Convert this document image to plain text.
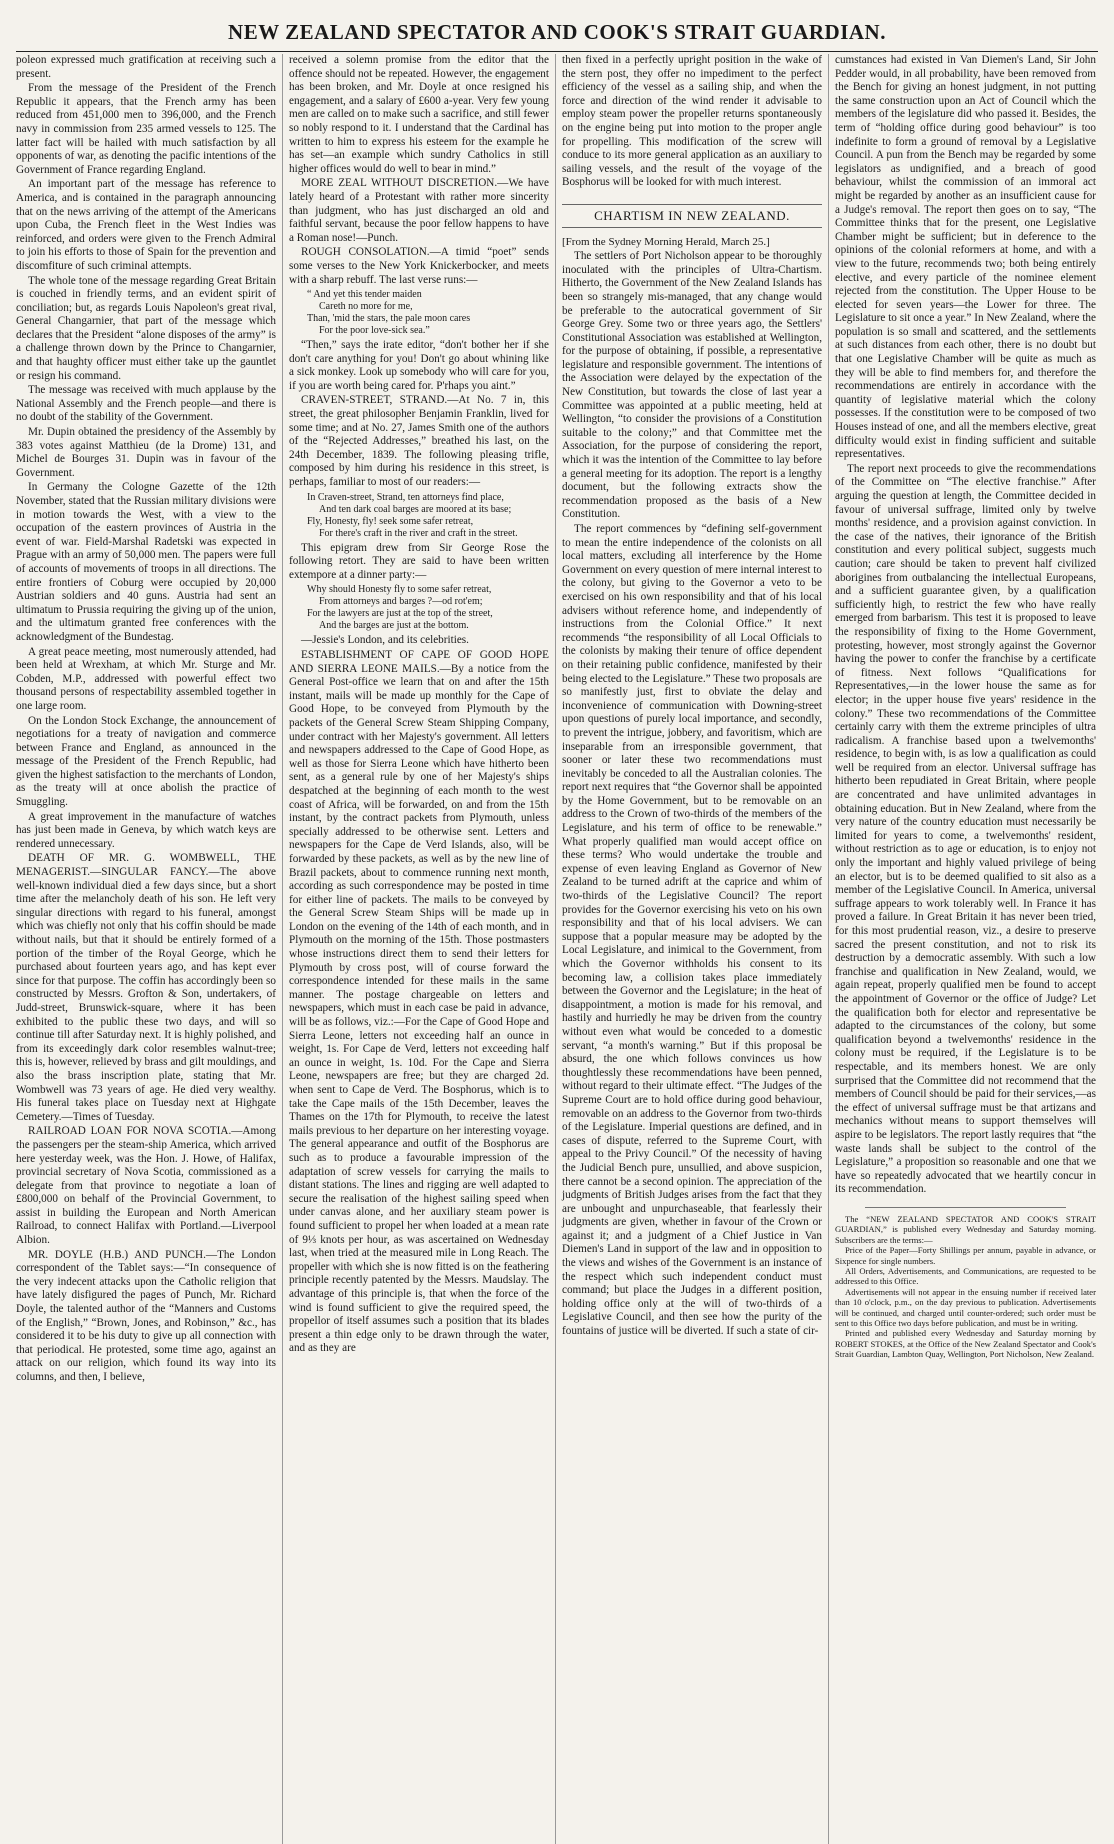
NEW ZEALAND SPECTATOR AND COOK'S STRAIT GUARDIAN.

poleon expressed much gratification at receiving such a present.

From the message of the President of the French Republic it appears, that the French army has been reduced from 451,000 men to 396,000, and the French navy in commission from 235 armed vessels to 125. The latter fact will be hailed with much satisfaction by all opponents of war, as denoting the pacific intentions of the Government of France regarding England.

An important part of the message has reference to America, and is contained in the paragraph announcing that on the news arriving of the attempt of the Americans upon Cuba, the French fleet in the West Indies was reinforced, and orders were given to the French Admiral to join his efforts to those of Spain for the prevention and discomfiture of such criminal attempts.

The whole tone of the message regarding Great Britain is couched in friendly terms, and an evident spirit of conciliation; but, as regards Louis Napoleon's great rival, General Changarnier, that part of the message which declares that the President “alone disposes of the army” is a challenge thrown down by the Prince to Changarnier, and that haughty officer must either take up the gauntlet or resign his command.

The message was received with much applause by the National Assembly and the French people—and there is no doubt of the stability of the Government.

Mr. Dupin obtained the presidency of the Assembly by 383 votes against Matthieu (de la Drome) 131, and Michel de Bourges 31. Dupin was in favour of the Government.

In Germany the Cologne Gazette of the 12th November, stated that the Russian military divisions were in motion towards the West, with a view to the occupation of the eastern provinces of Austria in the event of war. Field-Marshal Radetski was expected in Prague with an army of 50,000 men. The papers were full of accounts of movements of troops in all directions. The entire frontiers of Coburg were occupied by 20,000 Austrian soldiers and 40 guns. Austria had sent an ultimatum to Prussia requiring the giving up of the union, and the ultimatum granted free conferences with the acknowledgment of the Bundestag.

A great peace meeting, most numerously attended, had been held at Wrexham, at which Mr. Sturge and Mr. Cobden, M.P., addressed with powerful effect two thousand persons of respectability assembled together in one large room.

On the London Stock Exchange, the announcement of negotiations for a treaty of navigation and commerce between France and England, as announced in the message of the President of the French Republic, had given the highest satisfaction to the merchants of London, as the treaty will at once abolish the practice of Smuggling.

A great improvement in the manufacture of watches has just been made in Geneva, by which watch keys are rendered unnecessary.

DEATH OF MR. G. WOMBWELL, THE MENAGERIST.—SINGULAR FANCY.—The above well-known individual died a few days since, but a short time after the melancholy death of his son. He left very singular directions with regard to his funeral, amongst which was chiefly not only that his coffin should be made without nails, but that it should be entirely formed of a portion of the timber of the Royal George, which he purchased about fourteen years ago, and has kept ever since for that purpose. The coffin has accordingly been so constructed by Messrs. Grofton & Son, undertakers, of Judd-street, Brunswick-square, where it has been exhibited to the public these two days, and will so continue till after Saturday next. It is highly polished, and from its exceedingly dark color resembles walnut-tree; this is, however, relieved by brass and gilt mouldings, and also the brass inscription plate, stating that Mr. Wombwell was 73 years of age. He died very wealthy. His funeral takes place on Tuesday next at Highgate Cemetery.—Times of Tuesday.

RAILROAD LOAN FOR NOVA SCOTIA.—Among the passengers per the steam-ship America, which arrived here yesterday week, was the Hon. J. Howe, of Halifax, provincial secretary of Nova Scotia, commissioned as a delegate from that province to negotiate a loan of £800,000 on behalf of the Provincial Government, to assist in building the European and North American Railroad, to connect Halifax with Portland.—Liverpool Albion.

MR. DOYLE (H.B.) AND PUNCH.—The London correspondent of the Tablet says:—“In consequence of the very indecent attacks upon the Catholic religion that have lately disfigured the pages of Punch, Mr. Richard Doyle, the talented author of the “Manners and Customs of the English,” “Brown, Jones, and Robinson,” &c., has considered it to be his duty to give up all connection with that periodical. He protested, some time ago, against an attack on our religion, which found its way into its columns, and then, I believe,

received a solemn promise from the editor that the offence should not be repeated. However, the engagement has been broken, and Mr. Doyle at once resigned his engagement, and a salary of £600 a-year. Very few young men are called on to make such a sacrifice, and still fewer so nobly respond to it. I understand that the Cardinal has written to him to express his esteem for the example he has set—an example which sundry Catholics in still higher offices would do well to bear in mind.”

MORE ZEAL WITHOUT DISCRETION.—We have lately heard of a Protestant with rather more sincerity than judgment, who has just discharged an old and faithful servant, because the poor fellow happens to have a Roman nose!—Punch.

ROUGH CONSOLATION.—A timid “poet” sends some verses to the New York Knickerbocker, and meets with a sharp rebuff. The last verse runs:—

“ And yet this tender maiden
Careth no more for me,
Than, 'mid the stars, the pale moon cares
For the poor love-sick sea.”

“Then,” says the irate editor, “don't bother her if she don't care anything for you! Don't go about whining like a sick monkey. Look up somebody who will care for you, if you are worth being cared for. P'rhaps you aint.”

CRAVEN-STREET, STRAND.—At No. 7 in, this street, the great philosopher Benjamin Franklin, lived for some time; and at No. 27, James Smith one of the authors of the “Rejected Addresses,” breathed his last, on the 24th December, 1839. The following pleasing trifle, composed by him during his residence in this street, is perhaps, familiar to most of our readers:—

In Craven-street, Strand, ten attorneys find place,
And ten dark coal barges are moored at its base;
Fly, Honesty, fly! seek some safer retreat,
For there's craft in the river and craft in the street.

This epigram drew from Sir George Rose the following retort. They are said to have been written extempore at a dinner party:—

Why should Honesty fly to some safer retreat,
From attorneys and barges ?—od rot'em;
For the lawyers are just at the top of the street,
And the barges are just at the bottom.

—Jessie's London, and its celebrities.

ESTABLISHMENT OF CAPE OF GOOD HOPE AND SIERRA LEONE MAILS.—By a notice from the General Post-office we learn that on and after the 15th instant, mails will be made up monthly for the Cape of Good Hope, to be conveyed from Plymouth by the packets of the General Screw Steam Shipping Company, under contract with her Majesty's government. All letters and newspapers addressed to the Cape of Good Hope, as well as those for Sierra Leone which have hitherto been sent, as a general rule by one of her Majesty's ships despatched at the beginning of each month to the west coast of Africa, will be forwarded, on and from the 15th instant, by the contract packets from Plymouth, unless specially addressed to be otherwise sent. Letters and newspapers for the Cape de Verd Islands, also, will be forwarded by these packets, as well as by the new line of Brazil packets, about to commence running next month, according as such correspondence may be posted in time for either line of packets. The mails to be conveyed by the General Screw Steam Ships will be made up in London on the evening of the 14th of each month, and in Plymouth on the morning of the 15th. Those postmasters whose instructions direct them to send their letters for Plymouth by cross post, will of course forward the correspondence intended for these mails in the same manner. The postage chargeable on letters and newspapers, which must in each case be paid in advance, will be as follows, viz.:—For the Cape of Good Hope and Sierra Leone, letters not exceeding half an ounce in weight, 1s. For Cape de Verd, letters not exceeding half an ounce in weight, 1s. 10d. For the Cape and Sierra Leone, newspapers are free; but they are charged 2d. when sent to Cape de Verd. The Bosphorus, which is to take the Cape mails of the 15th December, leaves the Thames on the 17th for Plymouth, to receive the latest mails previous to her departure on her interesting voyage. The general appearance and outfit of the Bosphorus are such as to produce a favourable impression of the adaptation of screw vessels for carrying the mails to distant stations. The lines and rigging are well adapted to secure the realisation of the highest sailing speed when under canvas alone, and her auxiliary steam power is found sufficient to propel her when loaded at a mean rate of 9⅓ knots per hour, as was ascertained on Wednesday last, when tried at the measured mile in Long Reach. The propeller with which she is now fitted is on the feathering principle recently patented by the Messrs. Maudslay. The advantage of this principle is, that when the force of the wind is found sufficient to give the required speed, the propellor of itself assumes such a position that its blades present a thin edge only to be drawn through the water, and as they are

then fixed in a perfectly upright position in the wake of the stern post, they offer no impediment to the perfect efficiency of the vessel as a sailing ship, and when the force and direction of the wind render it advisable to employ steam power the propeller returns spontaneously on the engine being put into motion to the proper angle for propelling. This modification of the screw will conduce to its more general application as an auxiliary to sailing vessels, and the result of the voyage of the Bosphorus will be looked for with much interest.

CHARTISM IN NEW ZEALAND.

[From the Sydney Morning Herald, March 25.]

The settlers of Port Nicholson appear to be thoroughly inoculated with the principles of Ultra-Chartism. Hitherto, the Government of the New Zealand Islands has been so strangely mis-managed, that any change would be preferable to the autocratical government of Sir George Grey. Some two or three years ago, the Settlers' Constitutional Association was established at Wellington, for the purpose of obtaining, if possible, a representative legislature and responsible government. The intentions of the Association were delayed by the expectation of the New Constitution, but towards the close of last year a Committee was appointed at a public meeting, held at Wellington, “to consider the provisions of a Constitution suitable to the colony;” and that Committee met the Association, for the purpose of considering the report, which it was the intention of the Committee to lay before a general meeting for its adoption. The report is a lengthy document, but the following extracts show the recommendation proposed as the basis of a New Constitution.

The report commences by “defining self-government to mean the entire independence of the colonists on all local matters, excluding all interference by the Home Government on every question of mere internal interest to the colony, but giving to the Governor a veto to be exercised on his own responsibility and that of his local advisers without reference home, and independently of instructions from the Colonial Office.” It next recommends “the responsibility of all Local Officials to the colonists by making their tenure of office dependent on their retaining public confidence, manifested by their being elected to the Legislature.” These two proposals are so manifestly just, first to obviate the delay and inconvenience of communication with Downing-street upon questions of purely local importance, and secondly, to prevent the intrigue, jobbery, and favoritism, which are inseparable from an irresponsible government, that sooner or later these two recommendations must inevitably be conceded to all the Australian colonies. The report next requires that “the Governor shall be appointed by the Home Government, but to be removable on an address to the Crown of two-thirds of the members of the Legislature, and his term of office to be renewable.” What properly qualified man would accept office on these terms? Who would undertake the trouble and expense of even leaving England as Governor of New Zealand to be turned adrift at the caprice and whim of two-thirds of the Legislative Council? The report provides for the Governor exercising his veto on his own responsibility and that of his local advisers. We can suppose that a popular measure may be adopted by the Local Legislature, and inimical to the Government, from which the Governor withholds his consent to its becoming law, a collision takes place immediately between the Governor and the Legislature; in the heat of disappointment, a motion is made for his removal, and hastily and hurriedly he may be driven from the country without even what would be conceded to a domestic servant, “a month's warning.” But if this proposal be absurd, the one which follows convinces us how thoughtlessly these recommendations have been penned, without regard to their ultimate effect. “The Judges of the Supreme Court are to hold office during good behaviour, removable on an address to the Governor from two-thirds of the Legislature. Imperial questions are defined, and in cases of dispute, referred to the Supreme Court, with appeal to the Privy Council.” Of the necessity of having the Judicial Bench pure, unsullied, and above suspicion, there cannot be a second opinion. The appreciation of the judgments of British Judges arises from the fact that they are unbought and unpurchaseable, that fearlessly their judgments are given, whether in favour of the Crown or against it; and a judgment of a Chief Justice in Van Diemen's Land in support of the law and in opposition to the views and wishes of the Government is an instance of the respect which such independent conduct must command; but place the Judges in a different position, holding office only at the will of two-thirds of a Legislative Council, and then see how the purity of the fountains of justice will be diverted. If such a state of cir-

cumstances had existed in Van Diemen's Land, Sir John Pedder would, in all probability, have been removed from the Bench for giving an honest judgment, in not putting the same construction upon an Act of Council which the members of the legislature did who passed it. Besides, the term of “holding office during good behaviour” is too indefinite to form a ground of removal by a Legislative Council. A pun from the Bench may be regarded by some legislators as undignified, and a breach of good behaviour, whilst the commission of an immoral act might be regarded by another as an insufficient cause for a Judge's removal. The report then goes on to say, “The Committee thinks that for the present, one Legislative Chamber might be sufficient; but in deference to the opinions of the colonial reformers at home, and with a view to the future, recommends two; both being entirely elective, and every particle of the nominee element rejected from the constitution. The Upper House to be elected for seven years—the Lower for three. The Legislature to sit once a year.” In New Zealand, where the population is so small and scattered, and the settlements at such distances from each other, there is no doubt but that one Legislative Chamber will be quite as much as they will be able to find members for, and therefore the recommendations are entirely in accordance with the quantity of legislative material which the colony possesses. If the constitution were to be composed of two Houses instead of one, and all the members elective, great difficulty would exist in finding sufficient and suitable representatives.

The report next proceeds to give the recommendations of the Committee on “The elective franchise.” After arguing the question at length, the Committee decided in favour of universal suffrage, limited only by twelve months' residence, and a provision against conviction. In the case of the natives, their ignorance of the British constitution and every political subject, suggests much caution; care should be taken to prevent half civilized aborigines from outbalancing the intellectual Europeans, and a sufficient guarantee given, by a qualification sufficiently high, to restrict the few who have really emerged from barbarism. This test it is proposed to leave the responsibility of fixing to the Home Government, protesting, however, most strongly against the Governor having the power to confer the franchise by a certificate of fitness. Next follows “Qualifications for Representatives,—in the lower house the same as for elector; in the upper house five years' residence in the colony.” These two recommendations of the Committee certainly carry with them the extreme principles of ultra radicalism. A franchise based upon a twelvemonths' residence, to begin with, is as low a qualification as could well be required from an elector. Universal suffrage has hitherto been repudiated in Great Britain, where people are concentrated and have unlimited advantages in obtaining education. But in New Zealand, where from the very nature of the country education must necessarily be limited for years to come, a twelvemonths' resident, without restriction as to age or education, is to enjoy not only the important and highly valued privilege of being an elector, but is to be deemed qualified to sit also as a member of the Legislative Council. In America, universal suffrage appears to work tolerably well. In France it has proved a failure. In Great Britain it has never been tried, for this most prudential reason, viz., a desire to preserve sacred the present constitution, and not to risk its destruction by a democratic assembly. With such a low franchise and qualification in New Zealand, would, we again repeat, properly qualified men be found to accept the appointment of Governor or the office of Judge? Let the qualification both for elector and representative be adapted to the circumstances of the colony, but some qualification beyond a twelvemonths' residence in the colony must be required, if the Legislature is to be respectable, and its members honest. We are only surprised that the Committee did not recommend that the members of Council should be paid for their services,—as the effect of universal suffrage must be that artizans and mechanics without means to support themselves will aspire to be legislators. The report lastly requires that “the waste lands shall be subject to the control of the Legislature,” a proposition so reasonable and one that we have so repeatedly advocated that we heartily concur in its recommendation.

The “NEW ZEALAND SPECTATOR AND COOK'S STRAIT GUARDIAN,” is published every Wednesday and Saturday morning. Subscribers are the terms:—

Price of the Paper—Forty Shillings per annum, payable in advance, or Sixpence for single numbers.

All Orders, Advertisements, and Communications, are requested to be addressed to this Office.

Advertisements will not appear in the ensuing number if received later than 10 o'clock, p.m., on the day previous to publication. Advertisements will be continued, and charged until counter-ordered; such order must be sent to this Office two days before publication, and must be in writing.

Printed and published every Wednesday and Saturday morning by ROBERT STOKES, at the Office of the New Zealand Spectator and Cook's Strait Guardian, Lambton Quay, Wellington, Port Nicholson, New Zealand.
